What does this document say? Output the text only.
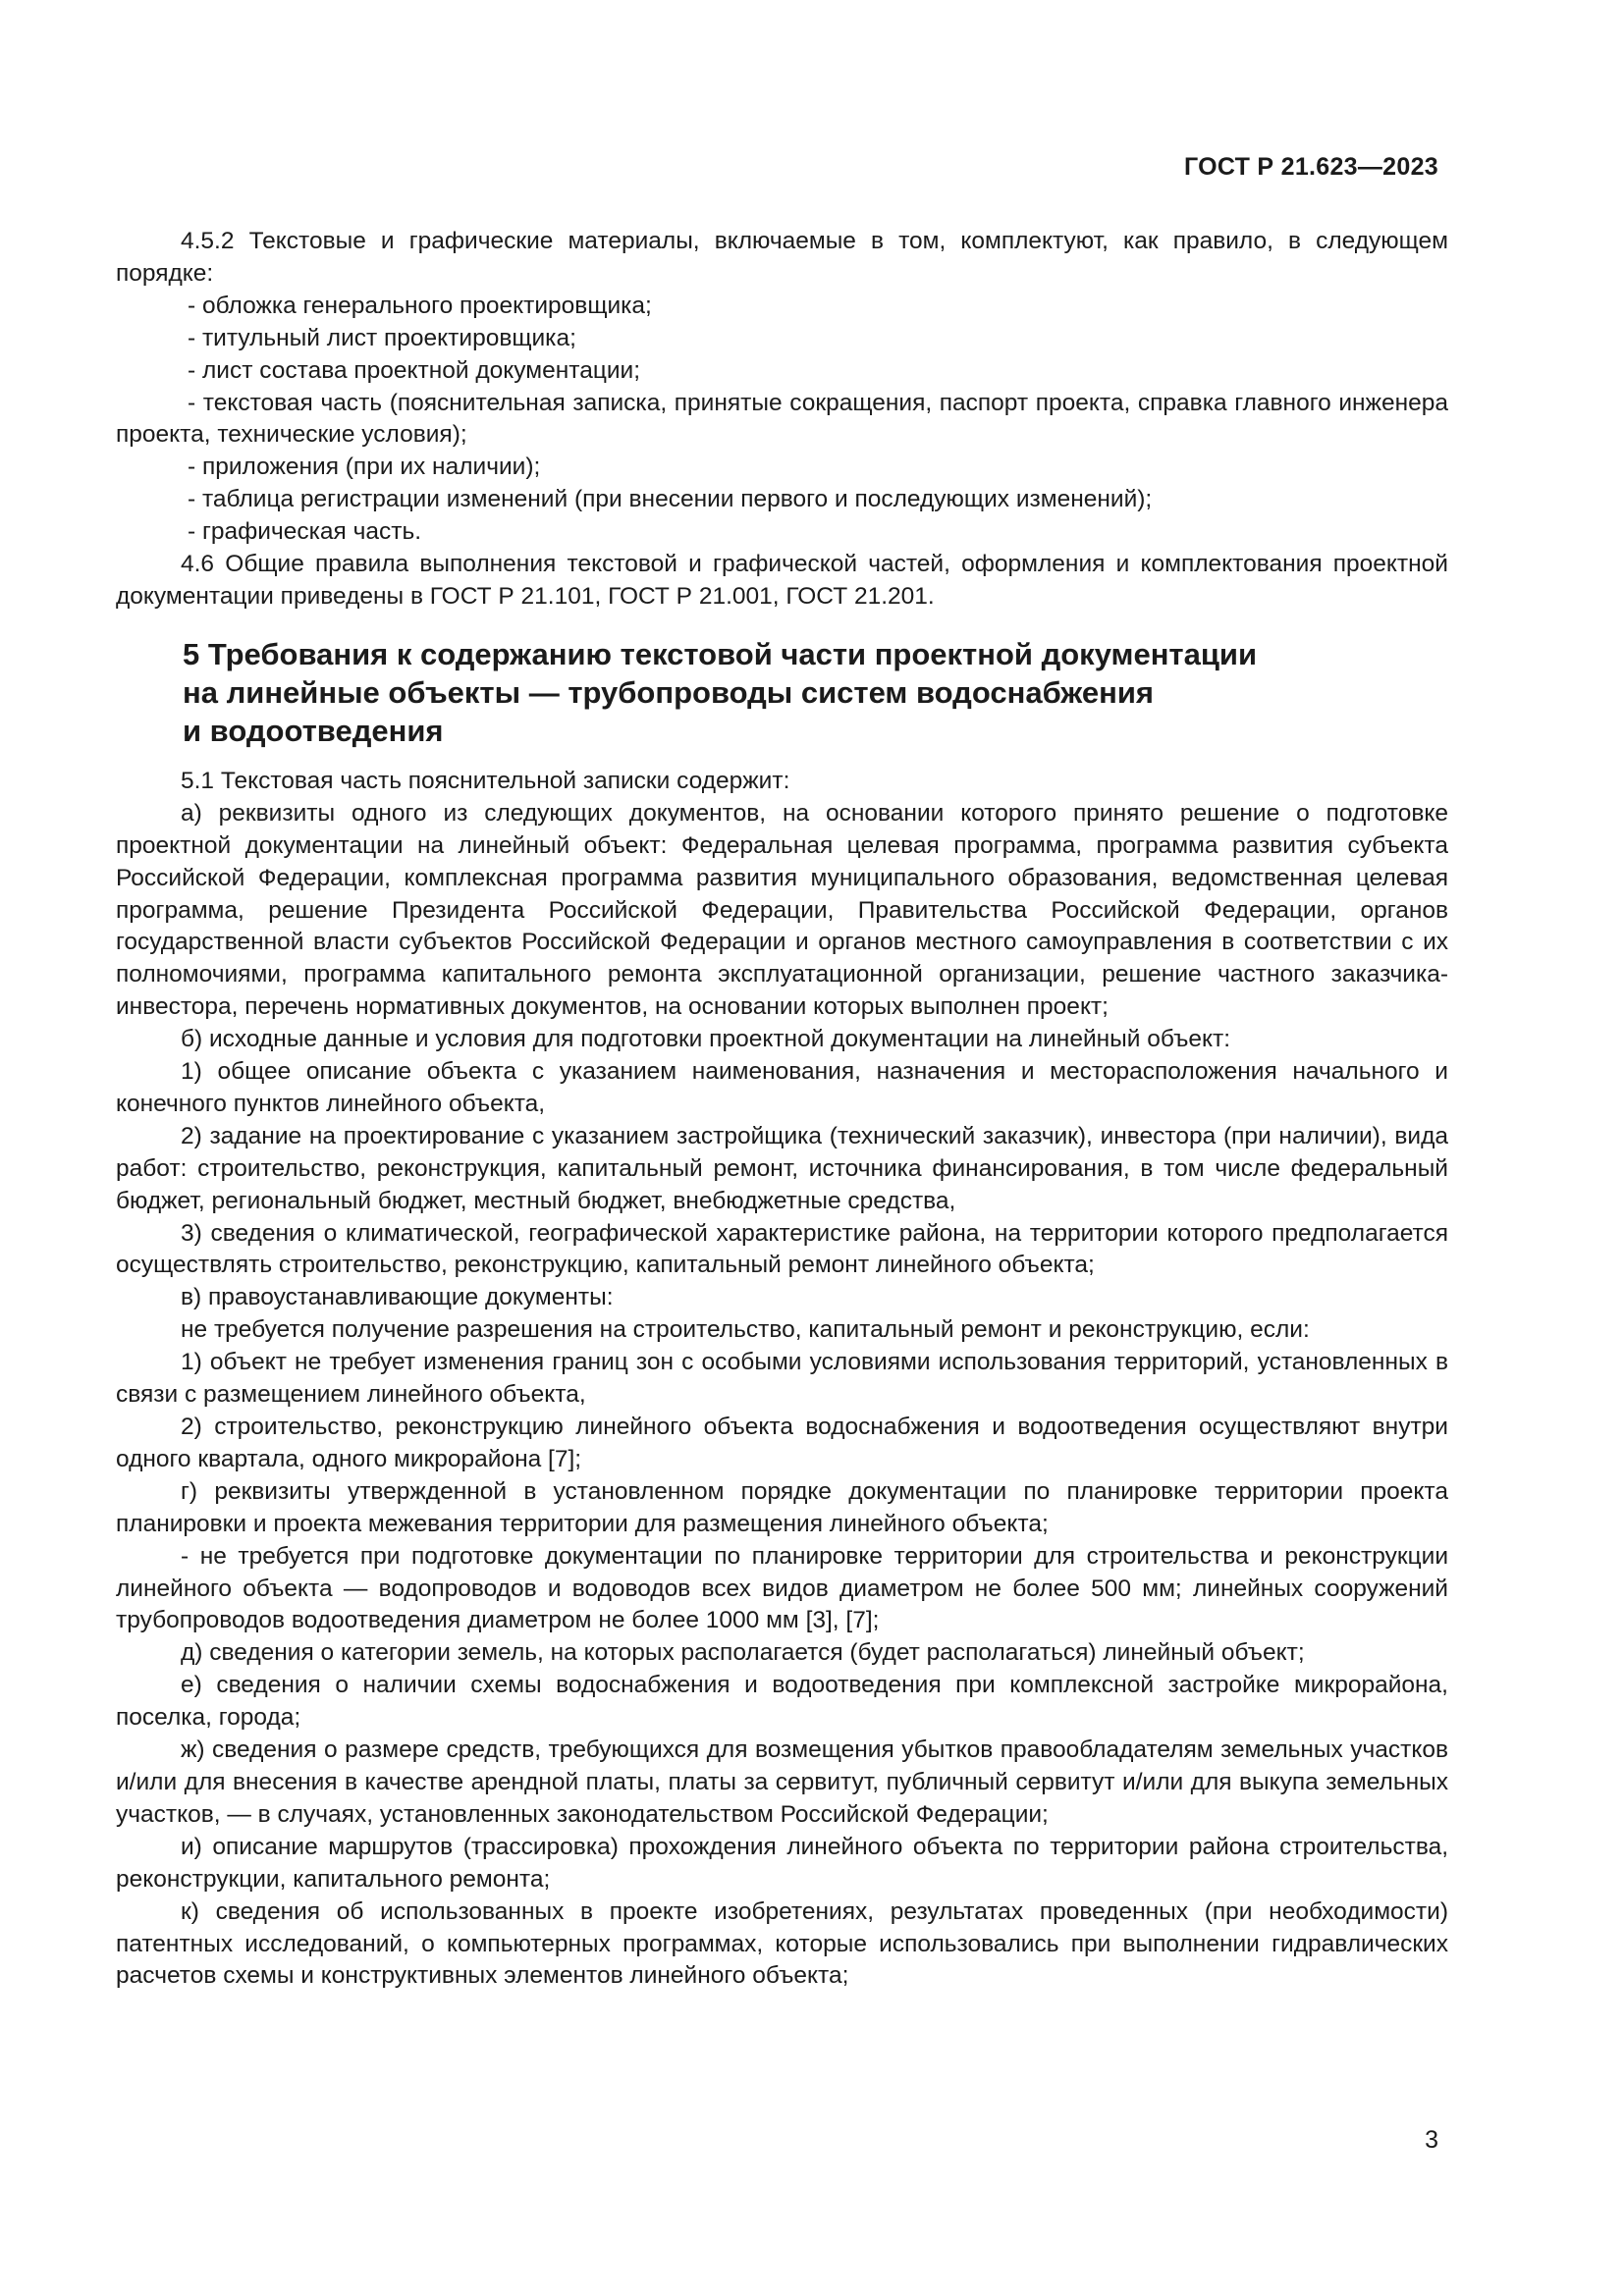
ГОСТ Р 21.623—2023

4.5.2 Текстовые и графические материалы, включаемые в том, комплектуют, как правило, в следующем порядке:

- обложка генерального проектировщика;

- титульный лист проектировщика;

- лист состава проектной документации;

- текстовая часть (пояснительная записка, принятые сокращения, паспорт проекта, справка главного инженера проекта, технические условия);

- приложения (при их наличии);

- таблица регистрации изменений (при внесении первого и последующих изменений);

- графическая часть.

4.6 Общие правила выполнения текстовой и графической частей, оформления и комплектования проектной документации приведены в ГОСТ Р 21.101, ГОСТ Р 21.001, ГОСТ 21.201.

5 Требования к содержанию текстовой части проектной документации
на линейные объекты — трубопроводы систем водоснабжения
и водоотведения

5.1 Текстовая часть пояснительной записки содержит:

а) реквизиты одного из следующих документов, на основании которого принято решение о подготовке проектной документации на линейный объект: Федеральная целевая программа, программа развития субъекта Российской Федерации, комплексная программа развития муниципального образования, ведомственная целевая программа, решение Президента Российской Федерации, Правительства Российской Федерации, органов государственной власти субъектов Российской Федерации и органов местного самоуправления в соответствии с их полномочиями, программа капитального ремонта эксплуатационной организации, решение частного заказчика-инвестора, перечень нормативных документов, на основании которых выполнен проект;

б) исходные данные и условия для подготовки проектной документации на линейный объект:

1) общее описание объекта с указанием наименования, назначения и месторасположения начального и конечного пунктов линейного объекта,

2) задание на проектирование с указанием застройщика (технический заказчик), инвестора (при наличии), вида работ: строительство, реконструкция, капитальный ремонт, источника финансирования, в том числе федеральный бюджет, региональный бюджет, местный бюджет, внебюджетные средства,

3) сведения о климатической, географической характеристике района, на территории которого предполагается осуществлять строительство, реконструкцию, капитальный ремонт линейного объекта;

в) правоустанавливающие документы:

не требуется получение разрешения на строительство, капитальный ремонт и реконструкцию, если:

1) объект не требует изменения границ зон с особыми условиями использования территорий, установленных в связи с размещением линейного объекта,

2) строительство, реконструкцию линейного объекта водоснабжения и водоотведения осуществляют внутри одного квартала, одного микрорайона [7];

г) реквизиты утвержденной в установленном порядке документации по планировке территории проекта планировки и проекта межевания территории для размещения линейного объекта;

- не требуется при подготовке документации по планировке территории для строительства и реконструкции линейного объекта — водопроводов и водоводов всех видов диаметром не более 500 мм; линейных сооружений трубопроводов водоотведения диаметром не более 1000 мм [3], [7];

д) сведения о категории земель, на которых располагается (будет располагаться) линейный объект;

е) сведения о наличии схемы водоснабжения и водоотведения при комплексной застройке микрорайона, поселка, города;

ж) сведения о размере средств, требующихся для возмещения убытков правообладателям земельных участков и/или для внесения в качестве арендной платы, платы за сервитут, публичный сервитут и/или для выкупа земельных участков, — в случаях, установленных законодательством Российской Федерации;

и) описание маршрутов (трассировка) прохождения линейного объекта по территории района строительства, реконструкции, капитального ремонта;

к) сведения об использованных в проекте изобретениях, результатах проведенных (при необходимости) патентных исследований, о компьютерных программах, которые использовались при выполнении гидравлических расчетов схемы и конструктивных элементов линейного объекта;

3
